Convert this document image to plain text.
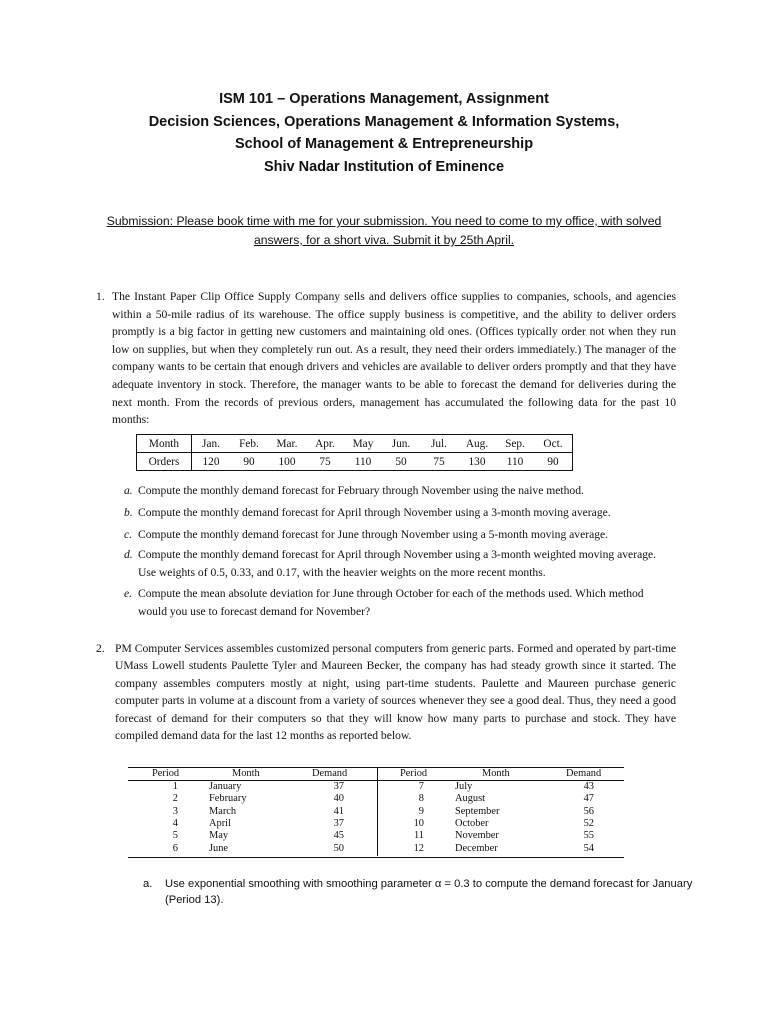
ISM 101 – Operations Management, Assignment
Decision Sciences, Operations Management & Information Systems,
School of Management & Entrepreneurship
Shiv Nadar Institution of Eminence
Submission: Please book time with me for your submission. You need to come to my office, with solved answers, for a short viva. Submit it by 25th April.
1. The Instant Paper Clip Office Supply Company sells and delivers office supplies to companies, schools, and agencies within a 50-mile radius of its warehouse. The office supply business is competitive, and the ability to deliver orders promptly is a big factor in getting new customers and maintaining old ones. (Offices typically order not when they run low on supplies, but when they completely run out. As a result, they need their orders immediately.) The manager of the company wants to be certain that enough drivers and vehicles are available to deliver orders promptly and that they have adequate inventory in stock. Therefore, the manager wants to be able to forecast the demand for deliveries during the next month. From the records of previous orders, management has accumulated the following data for the past 10 months:
Month	Jan.	Feb.	Mar.	Apr.	May	Jun.	Jul.	Aug.	Sep.	Oct.
Orders	120	90	100	75	110	50	75	130	110	90
a. Compute the monthly demand forecast for February through November using the naive method.
b. Compute the monthly demand forecast for April through November using a 3-month moving average.
c. Compute the monthly demand forecast for June through November using a 5-month moving average.
d. Compute the monthly demand forecast for April through November using a 3-month weighted moving average. Use weights of 0.5, 0.33, and 0.17, with the heavier weights on the more recent months.
e. Compute the mean absolute deviation for June through October for each of the methods used. Which method would you use to forecast demand for November?
2. PM Computer Services assembles customized personal computers from generic parts. Formed and operated by part-time UMass Lowell students Paulette Tyler and Maureen Becker, the company has had steady growth since it started. The company assembles computers mostly at night, using part-time students. Paulette and Maureen purchase generic computer parts in volume at a discount from a variety of sources whenever they see a good deal. Thus, they need a good forecast of demand for their computers so that they will know how many parts to purchase and stock. They have compiled demand data for the last 12 months as reported below.
Period	Month	Demand
1	January	37
2	February	40
3	March	41
4	April	37
5	May	45
6	June	50
Period	Month	Demand
7	July	43
8	August	47
9	September	56
10	October	52
11	November	55
12	December	54
a. Use exponential smoothing with smoothing parameter α = 0.3 to compute the demand forecast for January (Period 13).
